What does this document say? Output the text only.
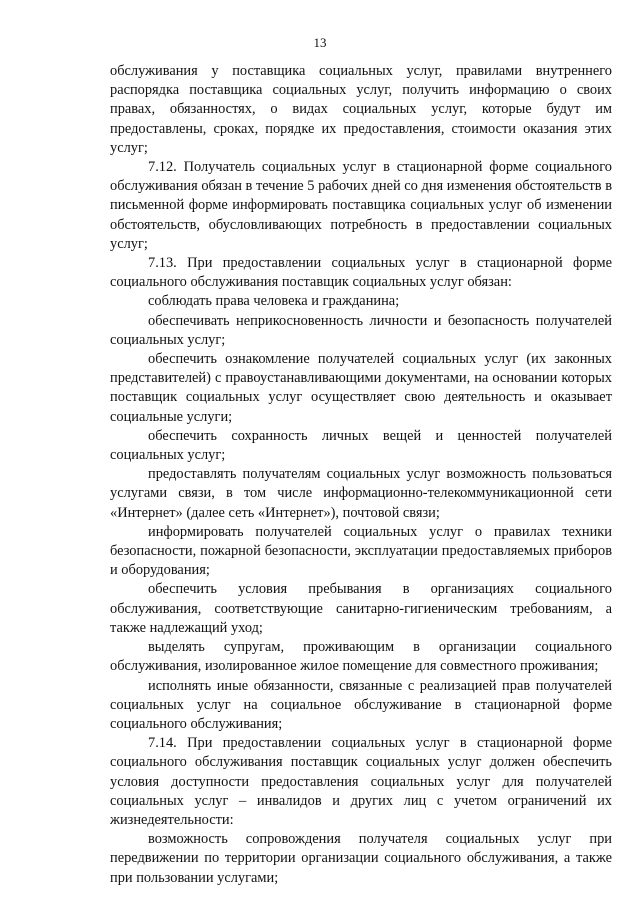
13

обслуживания у поставщика социальных услуг, правилами внутреннего распорядка поставщика социальных услуг, получить информацию о своих правах, обязанностях, о видах социальных услуг, которые будут им предоставлены, сроках, порядке их предоставления, стоимости оказания этих услуг;

7.12. Получатель социальных услуг в стационарной форме социального обслуживания обязан в течение 5 рабочих дней со дня изменения обстоятельств в письменной форме информировать поставщика социальных услуг об изменении обстоятельств, обусловливающих потребность в предоставлении социальных услуг;

7.13. При предоставлении социальных услуг в стационарной форме социального обслуживания поставщик социальных услуг обязан:

соблюдать права человека и гражданина;

обеспечивать неприкосновенность личности и безопасность получателей социальных услуг;

обеспечить ознакомление получателей социальных услуг (их законных представителей) с правоустанавливающими документами, на основании которых поставщик социальных услуг осуществляет свою деятельность и оказывает социальные услуги;

обеспечить сохранность личных вещей и ценностей получателей социальных услуг;

предоставлять получателям социальных услуг возможность пользоваться услугами связи, в том числе информационно-телекоммуникационной сети «Интернет» (далее сеть «Интернет»), почтовой связи;

информировать получателей социальных услуг о правилах техники безопасности, пожарной безопасности, эксплуатации предоставляемых приборов и оборудования;

обеспечить условия пребывания в организациях социального обслуживания, соответствующие санитарно-гигиеническим требованиям, а также надлежащий уход;

выделять супругам, проживающим в организации социального обслуживания, изолированное жилое помещение для совместного проживания;

исполнять иные обязанности, связанные с реализацией прав получателей социальных услуг на социальное обслуживание в стационарной форме социального обслуживания;

7.14. При предоставлении социальных услуг в стационарной форме социального обслуживания поставщик социальных услуг должен обеспечить условия доступности предоставления социальных услуг для получателей социальных услуг – инвалидов и других лиц с учетом ограничений их жизнедеятельности:

возможность сопровождения получателя социальных услуг при передвижении по территории организации социального обслуживания, а также при пользовании услугами;
